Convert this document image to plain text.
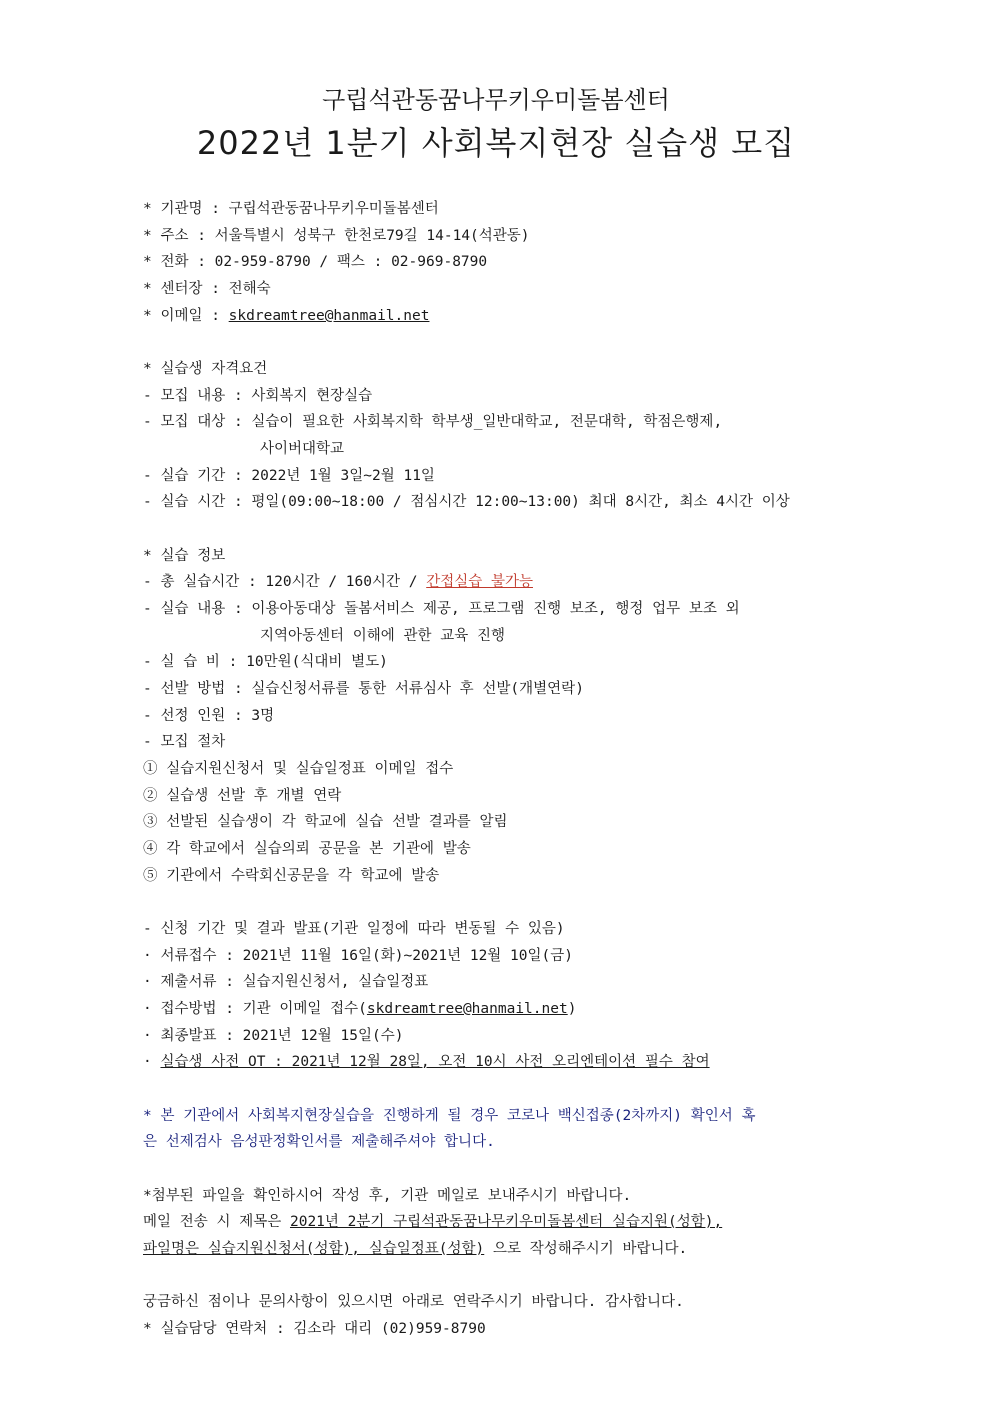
구립석관동꿈나무키우미돌봄센터
2022년 1분기 사회복지현장 실습생 모집
* 기관명 : 구립석관동꿈나무키우미돌봄센터
* 주소 : 서울특별시 성북구 한천로79길 14-14(석관동)
* 전화 : 02-959-8790 / 팩스 : 02-969-8790
* 센터장 : 전해숙
* 이메일 : skdreamtree@hanmail.net
* 실습생 자격요건
- 모집 내용 : 사회복지 현장실습
- 모집 대상 : 실습이 필요한 사회복지학 학부생_일반대학교, 전문대학, 학점은행제,
사이버대학교
- 실습 기간 : 2022년 1월 3일~2월 11일
- 실습 시간 : 평일(09:00~18:00 / 점심시간 12:00~13:00) 최대 8시간, 최소 4시간 이상
* 실습 정보
- 총 실습시간 : 120시간 / 160시간 / 간접실습 불가능
- 실습 내용 : 이용아동대상 돌봄서비스 제공, 프로그램 진행 보조, 행정 업무 보조 외
지역아동센터 이해에 관한 교육 진행
- 실 습 비 : 10만원(식대비 별도)
- 선발 방법 : 실습신청서류를 통한 서류심사 후 선발(개별연락)
- 선정 인원 : 3명
- 모집 절차
① 실습지원신청서 및 실습일정표 이메일 접수
② 실습생 선발 후 개별 연락
③ 선발된 실습생이 각 학교에 실습 선발 결과를 알림
④ 각 학교에서 실습의뢰 공문을 본 기관에 발송
⑤ 기관에서 수락회신공문을 각 학교에 발송
- 신청 기간 및 결과 발표(기관 일정에 따라 변동될 수 있음)
· 서류접수 : 2021년 11월 16일(화)~2021년 12월 10일(금)
· 제출서류 : 실습지원신청서, 실습일정표
· 접수방법 : 기관 이메일 접수(skdreamtree@hanmail.net)
· 최종발표 : 2021년 12월 15일(수)
· 실습생 사전 OT : 2021년 12월 28일, 오전 10시 사전 오리엔테이션 필수 참여
* 본 기관에서 사회복지현장실습을 진행하게 될 경우 코로나 백신접종(2차까지) 확인서 혹
은 선제검사 음성판정확인서를 제출해주셔야 합니다.
*첨부된 파일을 확인하시어 작성 후, 기관 메일로 보내주시기 바랍니다.
메일 전송 시 제목은 2021년 2분기 구립석관동꿈나무키우미돌봄센터 실습지원(성함),
파일명은 실습지원신청서(성함), 실습일정표(성함) 으로 작성해주시기 바랍니다.
궁금하신 점이나 문의사항이 있으시면 아래로 연락주시기 바랍니다. 감사합니다.
* 실습담당 연락처 : 김소라 대리 (02)959-8790
